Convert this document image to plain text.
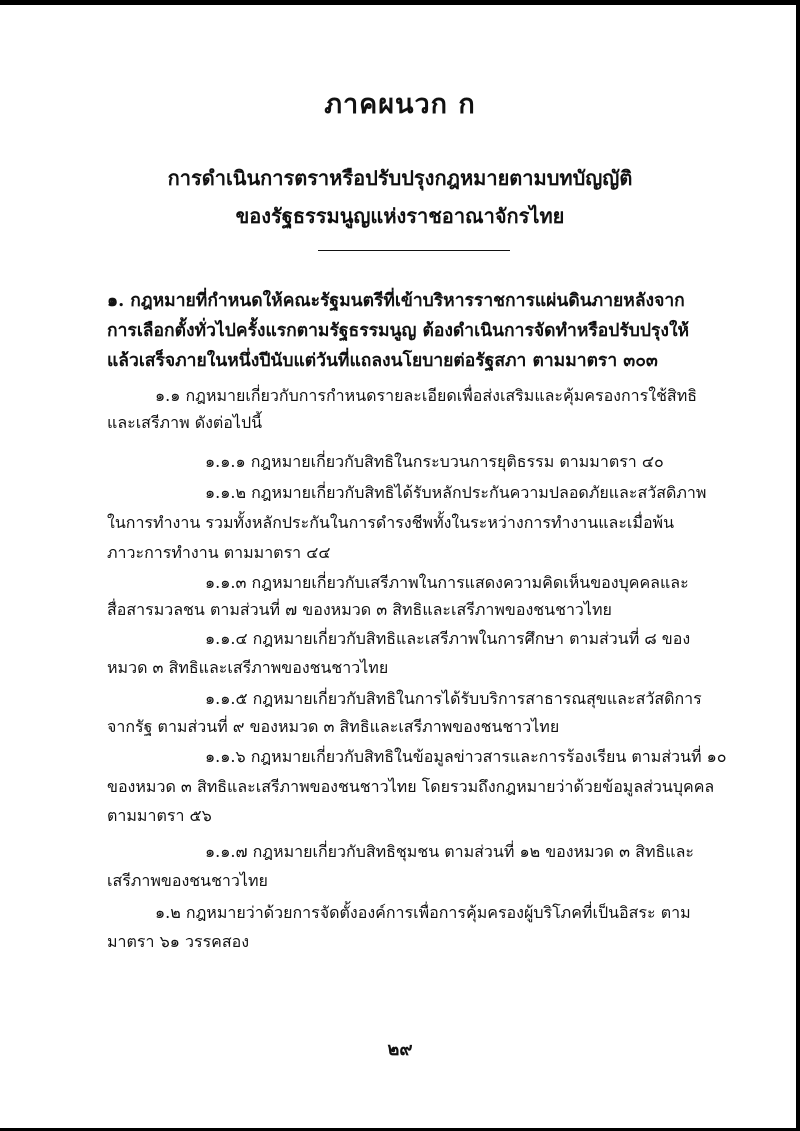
ภาคผนวก ก
การดำเนินการตราหรือปรับปรุงกฎหมายตามบทบัญญัติ
ของรัฐธรรมนูญแห่งราชอาณาจักรไทย
๑. กฎหมายที่กำหนดให้คณะรัฐมนตรีที่เข้าบริหารราชการแผ่นดินภายหลังจาก
การเลือกตั้งทั่วไปครั้งแรกตามรัฐธรรมนูญ ต้องดำเนินการจัดทำหรือปรับปรุงให้
แล้วเสร็จภายในหนึ่งปีนับแต่วันที่แถลงนโยบายต่อรัฐสภา ตามมาตรา ๓๐๓
๑.๑ กฎหมายเกี่ยวกับการกำหนดรายละเอียดเพื่อส่งเสริมและคุ้มครองการใช้สิทธิ
และเสรีภาพ ดังต่อไปนี้
๑.๑.๑ กฎหมายเกี่ยวกับสิทธิในกระบวนการยุติธรรม ตามมาตรา ๔๐
๑.๑.๒ กฎหมายเกี่ยวกับสิทธิได้รับหลักประกันความปลอดภัยและสวัสดิภาพ
ในการทำงาน รวมทั้งหลักประกันในการดำรงชีพทั้งในระหว่างการทำงานและเมื่อพ้น
ภาวะการทำงาน ตามมาตรา ๔๔
๑.๑.๓ กฎหมายเกี่ยวกับเสรีภาพในการแสดงความคิดเห็นของบุคคลและ
สื่อสารมวลชน ตามส่วนที่ ๗ ของหมวด ๓ สิทธิและเสรีภาพของชนชาวไทย
๑.๑.๔ กฎหมายเกี่ยวกับสิทธิและเสรีภาพในการศึกษา ตามส่วนที่ ๘ ของ
หมวด ๓ สิทธิและเสรีภาพของชนชาวไทย
๑.๑.๕ กฎหมายเกี่ยวกับสิทธิในการได้รับบริการสาธารณสุขและสวัสดิการ
จากรัฐ ตามส่วนที่ ๙ ของหมวด ๓ สิทธิและเสรีภาพของชนชาวไทย
๑.๑.๖ กฎหมายเกี่ยวกับสิทธิในข้อมูลข่าวสารและการร้องเรียน ตามส่วนที่ ๑๐
ของหมวด ๓ สิทธิและเสรีภาพของชนชาวไทย โดยรวมถึงกฎหมายว่าด้วยข้อมูลส่วนบุคคล
ตามมาตรา ๕๖
๑.๑.๗ กฎหมายเกี่ยวกับสิทธิชุมชน ตามส่วนที่ ๑๒ ของหมวด ๓ สิทธิและ
เสรีภาพของชนชาวไทย
๑.๒ กฎหมายว่าด้วยการจัดตั้งองค์การเพื่อการคุ้มครองผู้บริโภคที่เป็นอิสระ ตาม
มาตรา ๖๑ วรรคสอง
๒๙
